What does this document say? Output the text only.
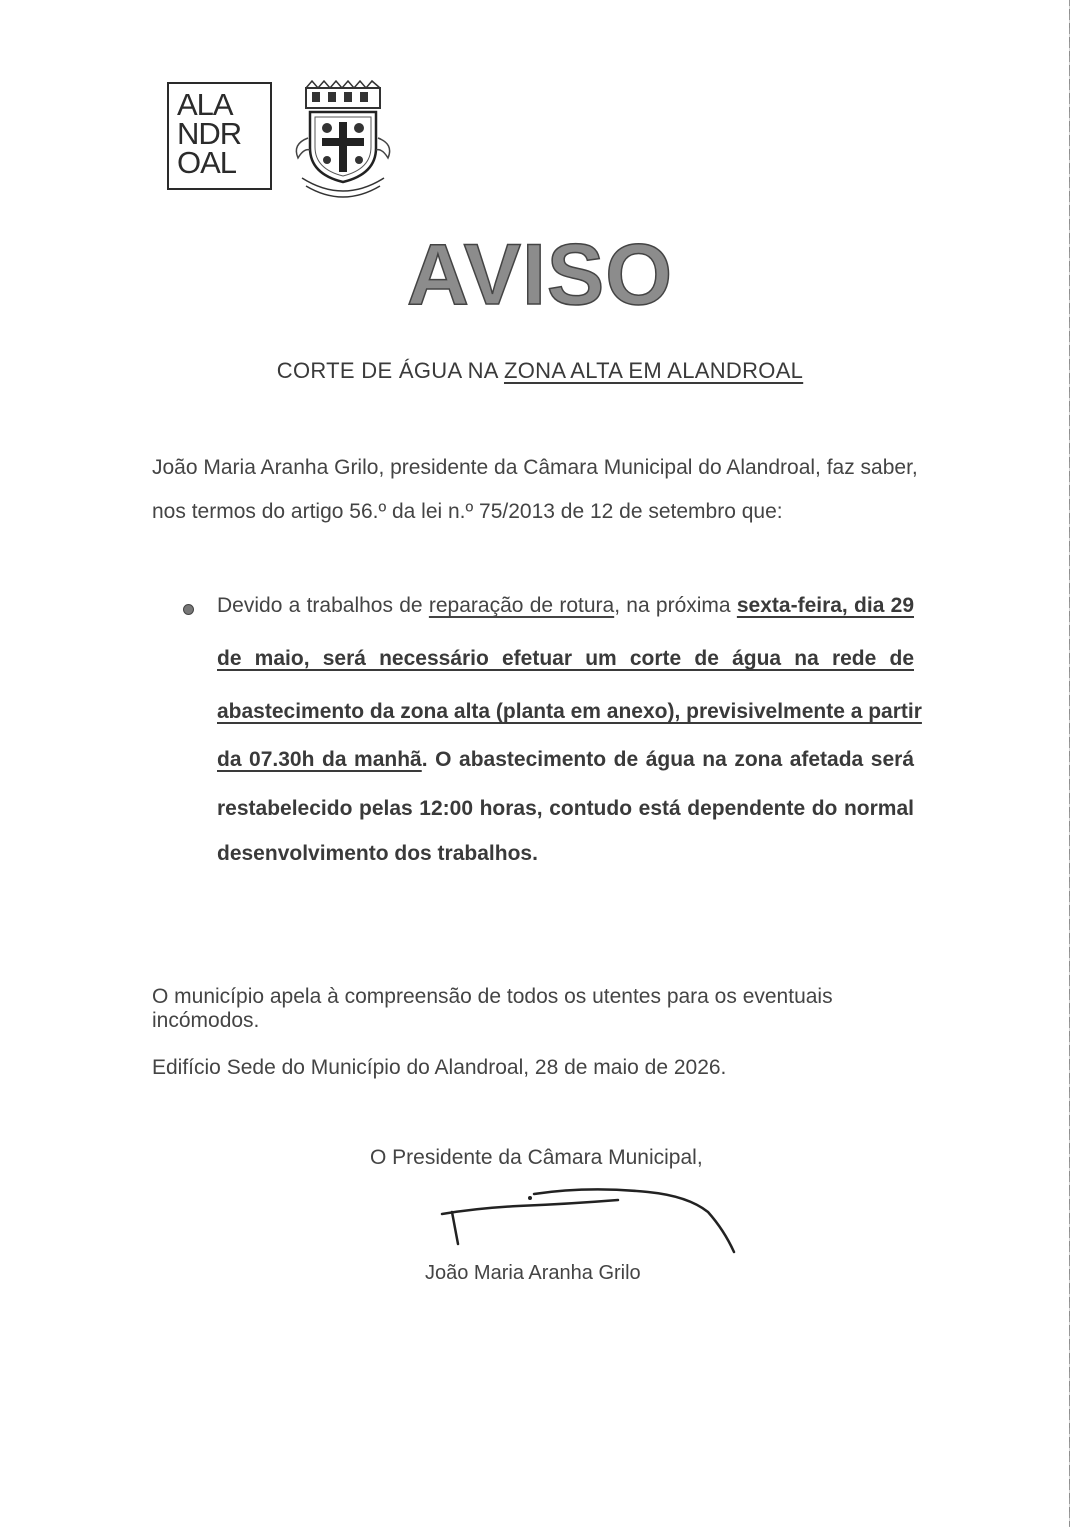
ALA
NDR
OAL
AVISO
CORTE DE ÁGUA NA ZONA ALTA EM ALANDROAL
João Maria Aranha Grilo, presidente da Câmara Municipal do Alandroal, faz saber,
nos termos do artigo 56.º da lei n.º 75/2013 de 12 de setembro que:
Devido a trabalhos de reparação de rotura, na próxima sexta-feira, dia 29
de maio, será necessário efetuar um corte de água na rede de
abastecimento da zona alta (planta em anexo), previsivelmente a partir
da 07.30h da manhã. O abastecimento de água na zona afetada será
restabelecido pelas 12:00 horas, contudo está dependente do normal
desenvolvimento dos trabalhos.
O município apela à compreensão de todos os utentes para os eventuais incómodos.
Edifício Sede do Município do Alandroal, 28 de maio de 2026.
O Presidente da Câmara Municipal,
João Maria Aranha Grilo
